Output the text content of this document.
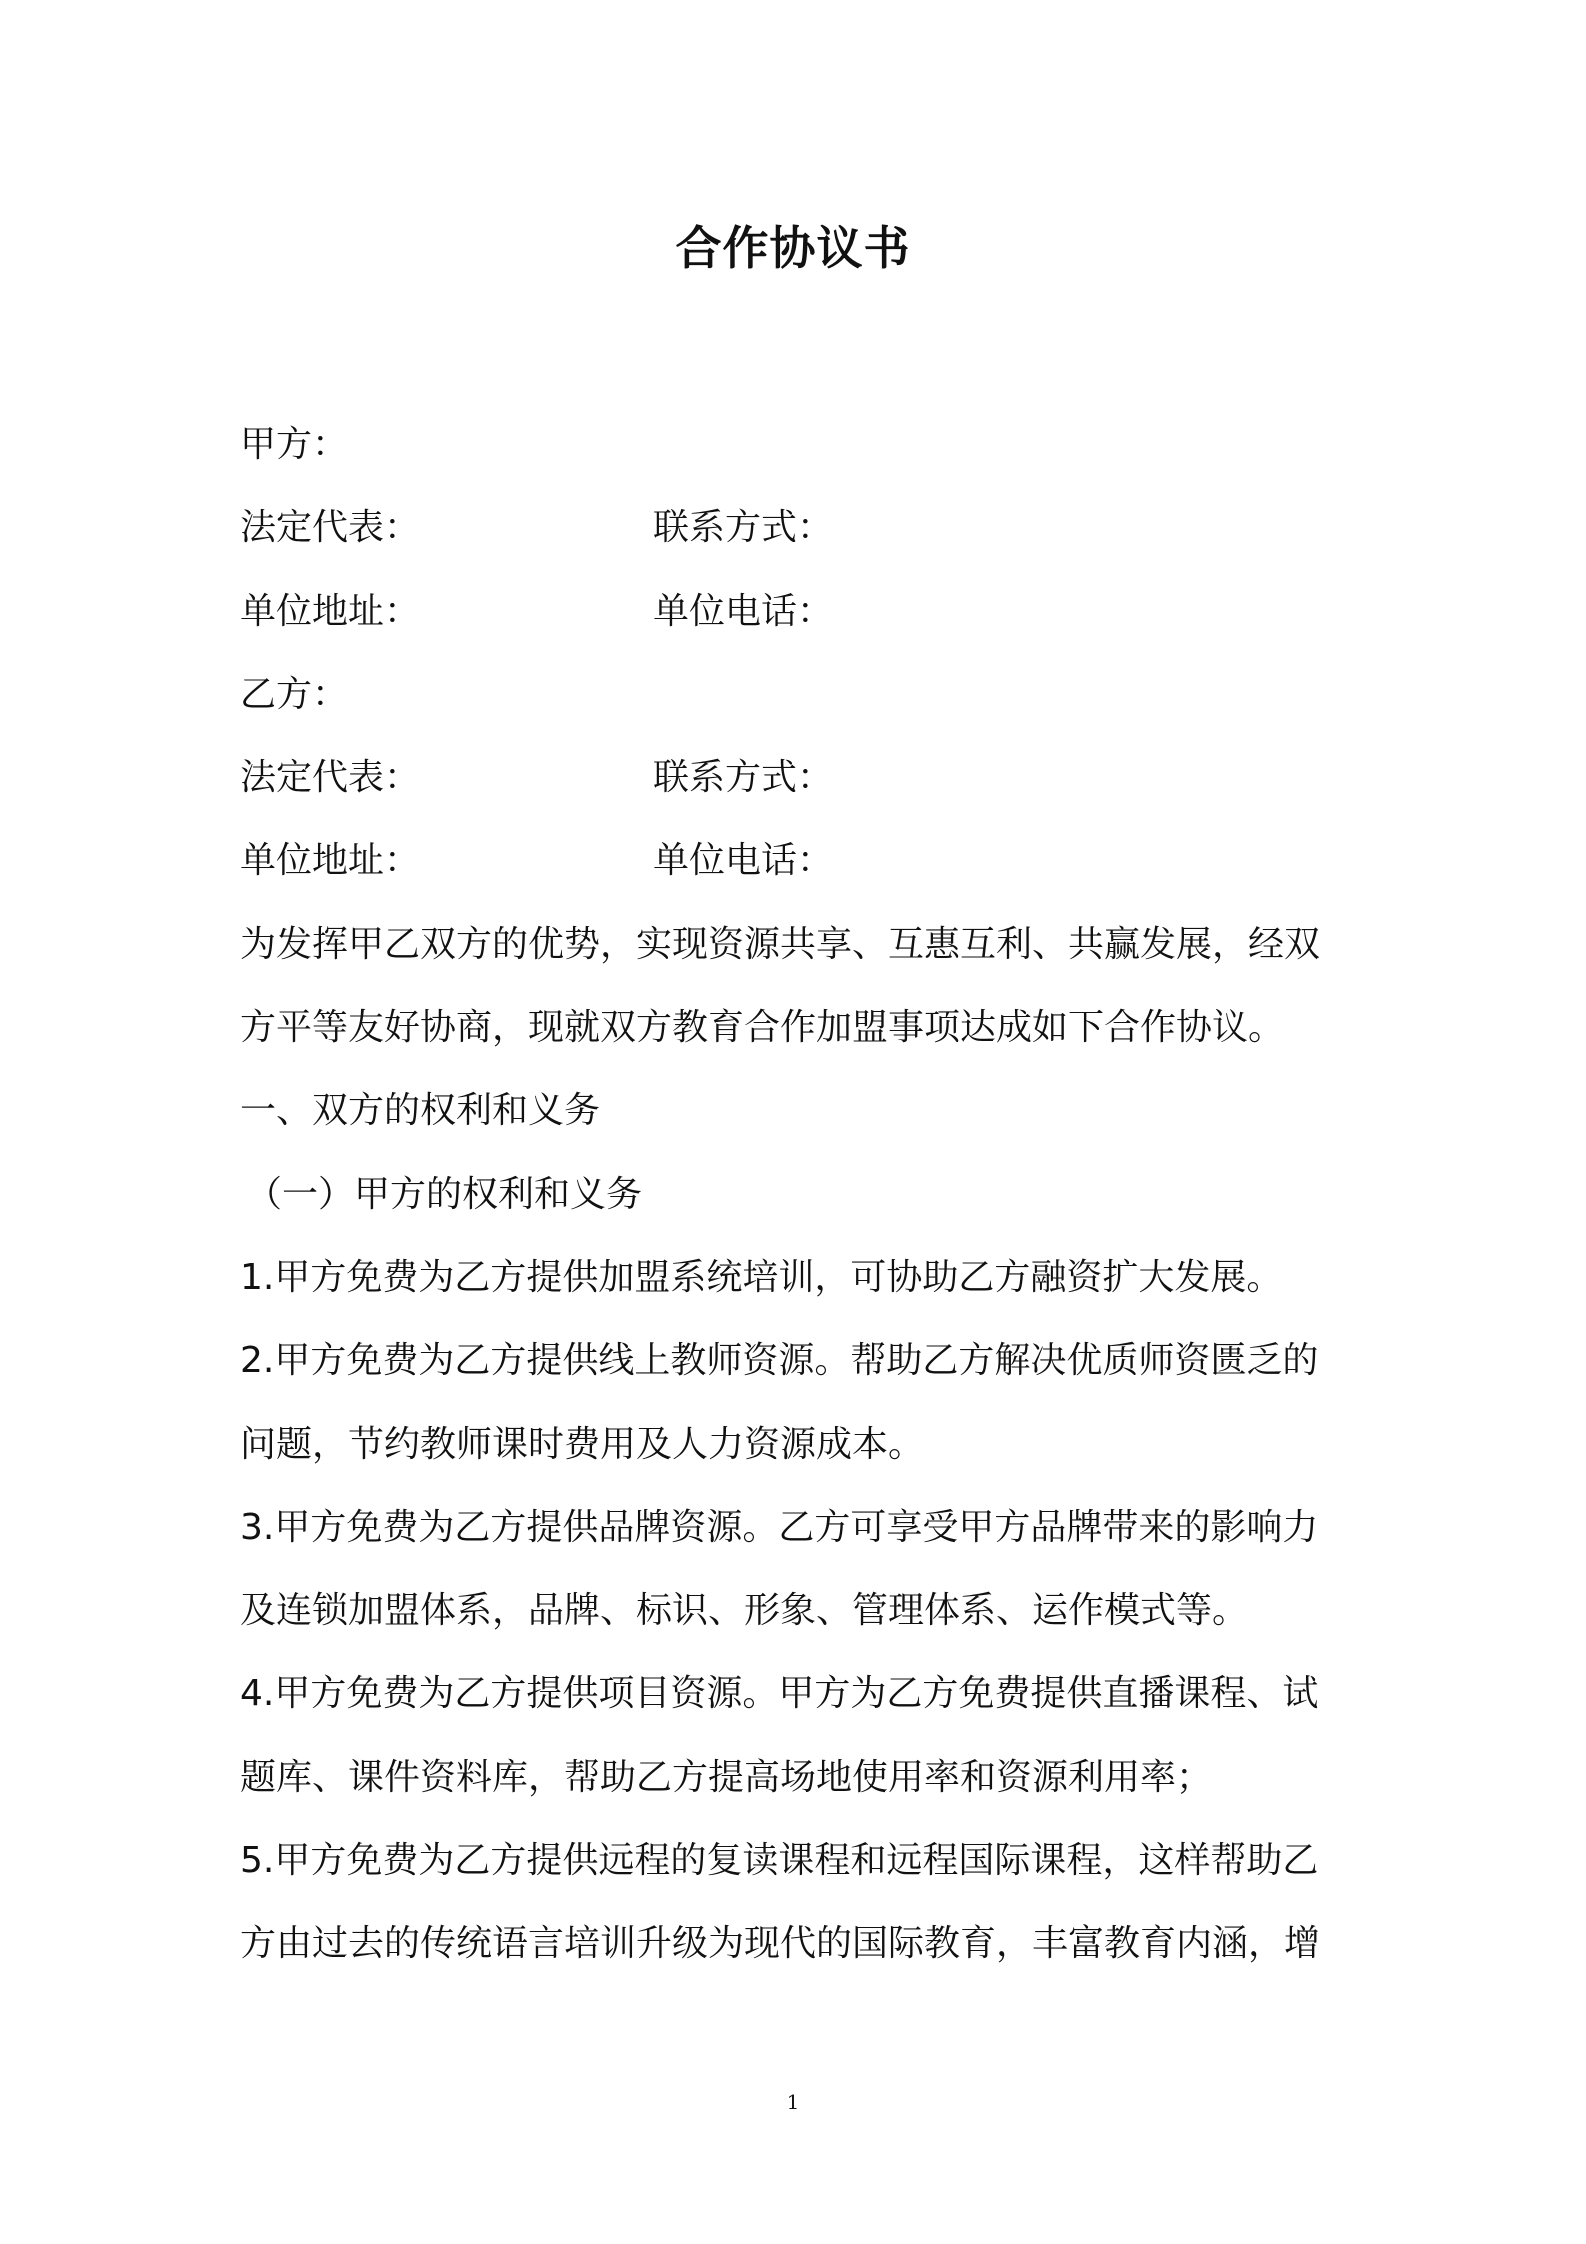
合作协议书
甲方：
法定代表：	联系方式：
单位地址：	单位电话：
乙方：
法定代表：	联系方式：
单位地址：	单位电话：
为发挥甲乙双方的优势，实现资源共享、互惠互利、共赢发展，经双
方平等友好协商，现就双方教育合作加盟事项达成如下合作协议。
一、双方的权利和义务
（一）甲方的权利和义务
1.甲方免费为乙方提供加盟系统培训，可协助乙方融资扩大发展。
2.甲方免费为乙方提供线上教师资源。帮助乙方解决优质师资匮乏的
问题，节约教师课时费用及人力资源成本。
3.甲方免费为乙方提供品牌资源。乙方可享受甲方品牌带来的影响力
及连锁加盟体系，品牌、标识、形象、管理体系、运作模式等。
4.甲方免费为乙方提供项目资源。甲方为乙方免费提供直播课程、试
题库、课件资料库，帮助乙方提高场地使用率和资源利用率；
5.甲方免费为乙方提供远程的复读课程和远程国际课程，这样帮助乙
方由过去的传统语言培训升级为现代的国际教育，丰富教育内涵，增
1
